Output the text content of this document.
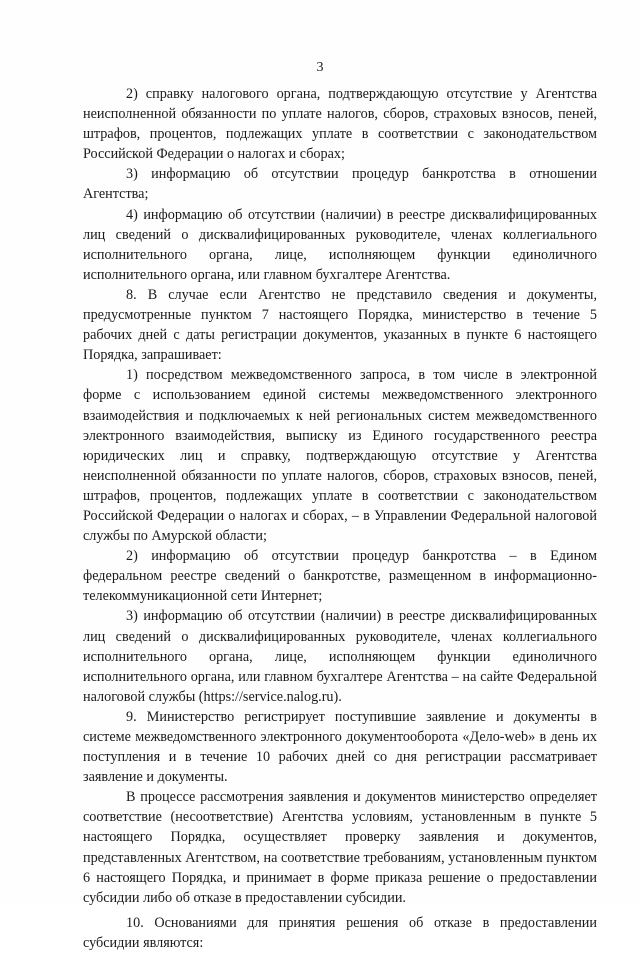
3

2) справку налогового органа, подтверждающую отсутствие у Агентства неисполненной обязанности по уплате налогов, сборов, страховых взносов, пеней, штрафов, процентов, подлежащих уплате в соответствии с законодательством Российской Федерации о налогах и сборах;

3) информацию об отсутствии процедур банкротства в отношении Агентства;

4) информацию об отсутствии (наличии) в реестре дисквалифицированных лиц сведений о дисквалифицированных руководителе, членах коллегиального исполнительного органа, лице, исполняющем функции единоличного исполнительного органа, или главном бухгалтере Агентства.

8. В случае если Агентство не представило сведения и документы, предусмотренные пунктом 7 настоящего Порядка, министерство в течение 5 рабочих дней с даты регистрации документов, указанных в пункте 6 настоящего Порядка, запрашивает:

1) посредством межведомственного запроса, в том числе в электронной форме с использованием единой системы межведомственного электронного взаимодействия и подключаемых к ней региональных систем межведомственного электронного взаимодействия, выписку из Единого государственного реестра юридических лиц и справку, подтверждающую отсутствие у Агентства неисполненной обязанности по уплате налогов, сборов, страховых взносов, пеней, штрафов, процентов, подлежащих уплате в соответствии с законодательством Российской Федерации о налогах и сборах, – в Управлении Федеральной налоговой службы по Амурской области;

2) информацию об отсутствии процедур банкротства – в Едином федеральном реестре сведений о банкротстве, размещенном в информационно-телекоммуникационной сети Интернет;

3) информацию об отсутствии (наличии) в реестре дисквалифицированных лиц сведений о дисквалифицированных руководителе, членах коллегиального исполнительного органа, лице, исполняющем функции единоличного исполнительного органа, или главном бухгалтере Агентства – на сайте Федеральной налоговой службы (https://service.nalog.ru).

9. Министерство регистрирует поступившие заявление и документы в системе межведомственного электронного документооборота «Дело-web» в день их поступления и в течение 10 рабочих дней со дня регистрации рассматривает заявление и документы.

В процессе рассмотрения заявления и документов министерство определяет соответствие (несоответствие) Агентства условиям, установленным в пункте 5 настоящего Порядка, осуществляет проверку заявления и документов, представленных Агентством, на соответствие требованиям, установленным пунктом 6 настоящего Порядка, и принимает в форме приказа решение о предоставлении субсидии либо об отказе в предоставлении субсидии.

10. Основаниями для принятия решения об отказе в предоставлении субсидии являются:
